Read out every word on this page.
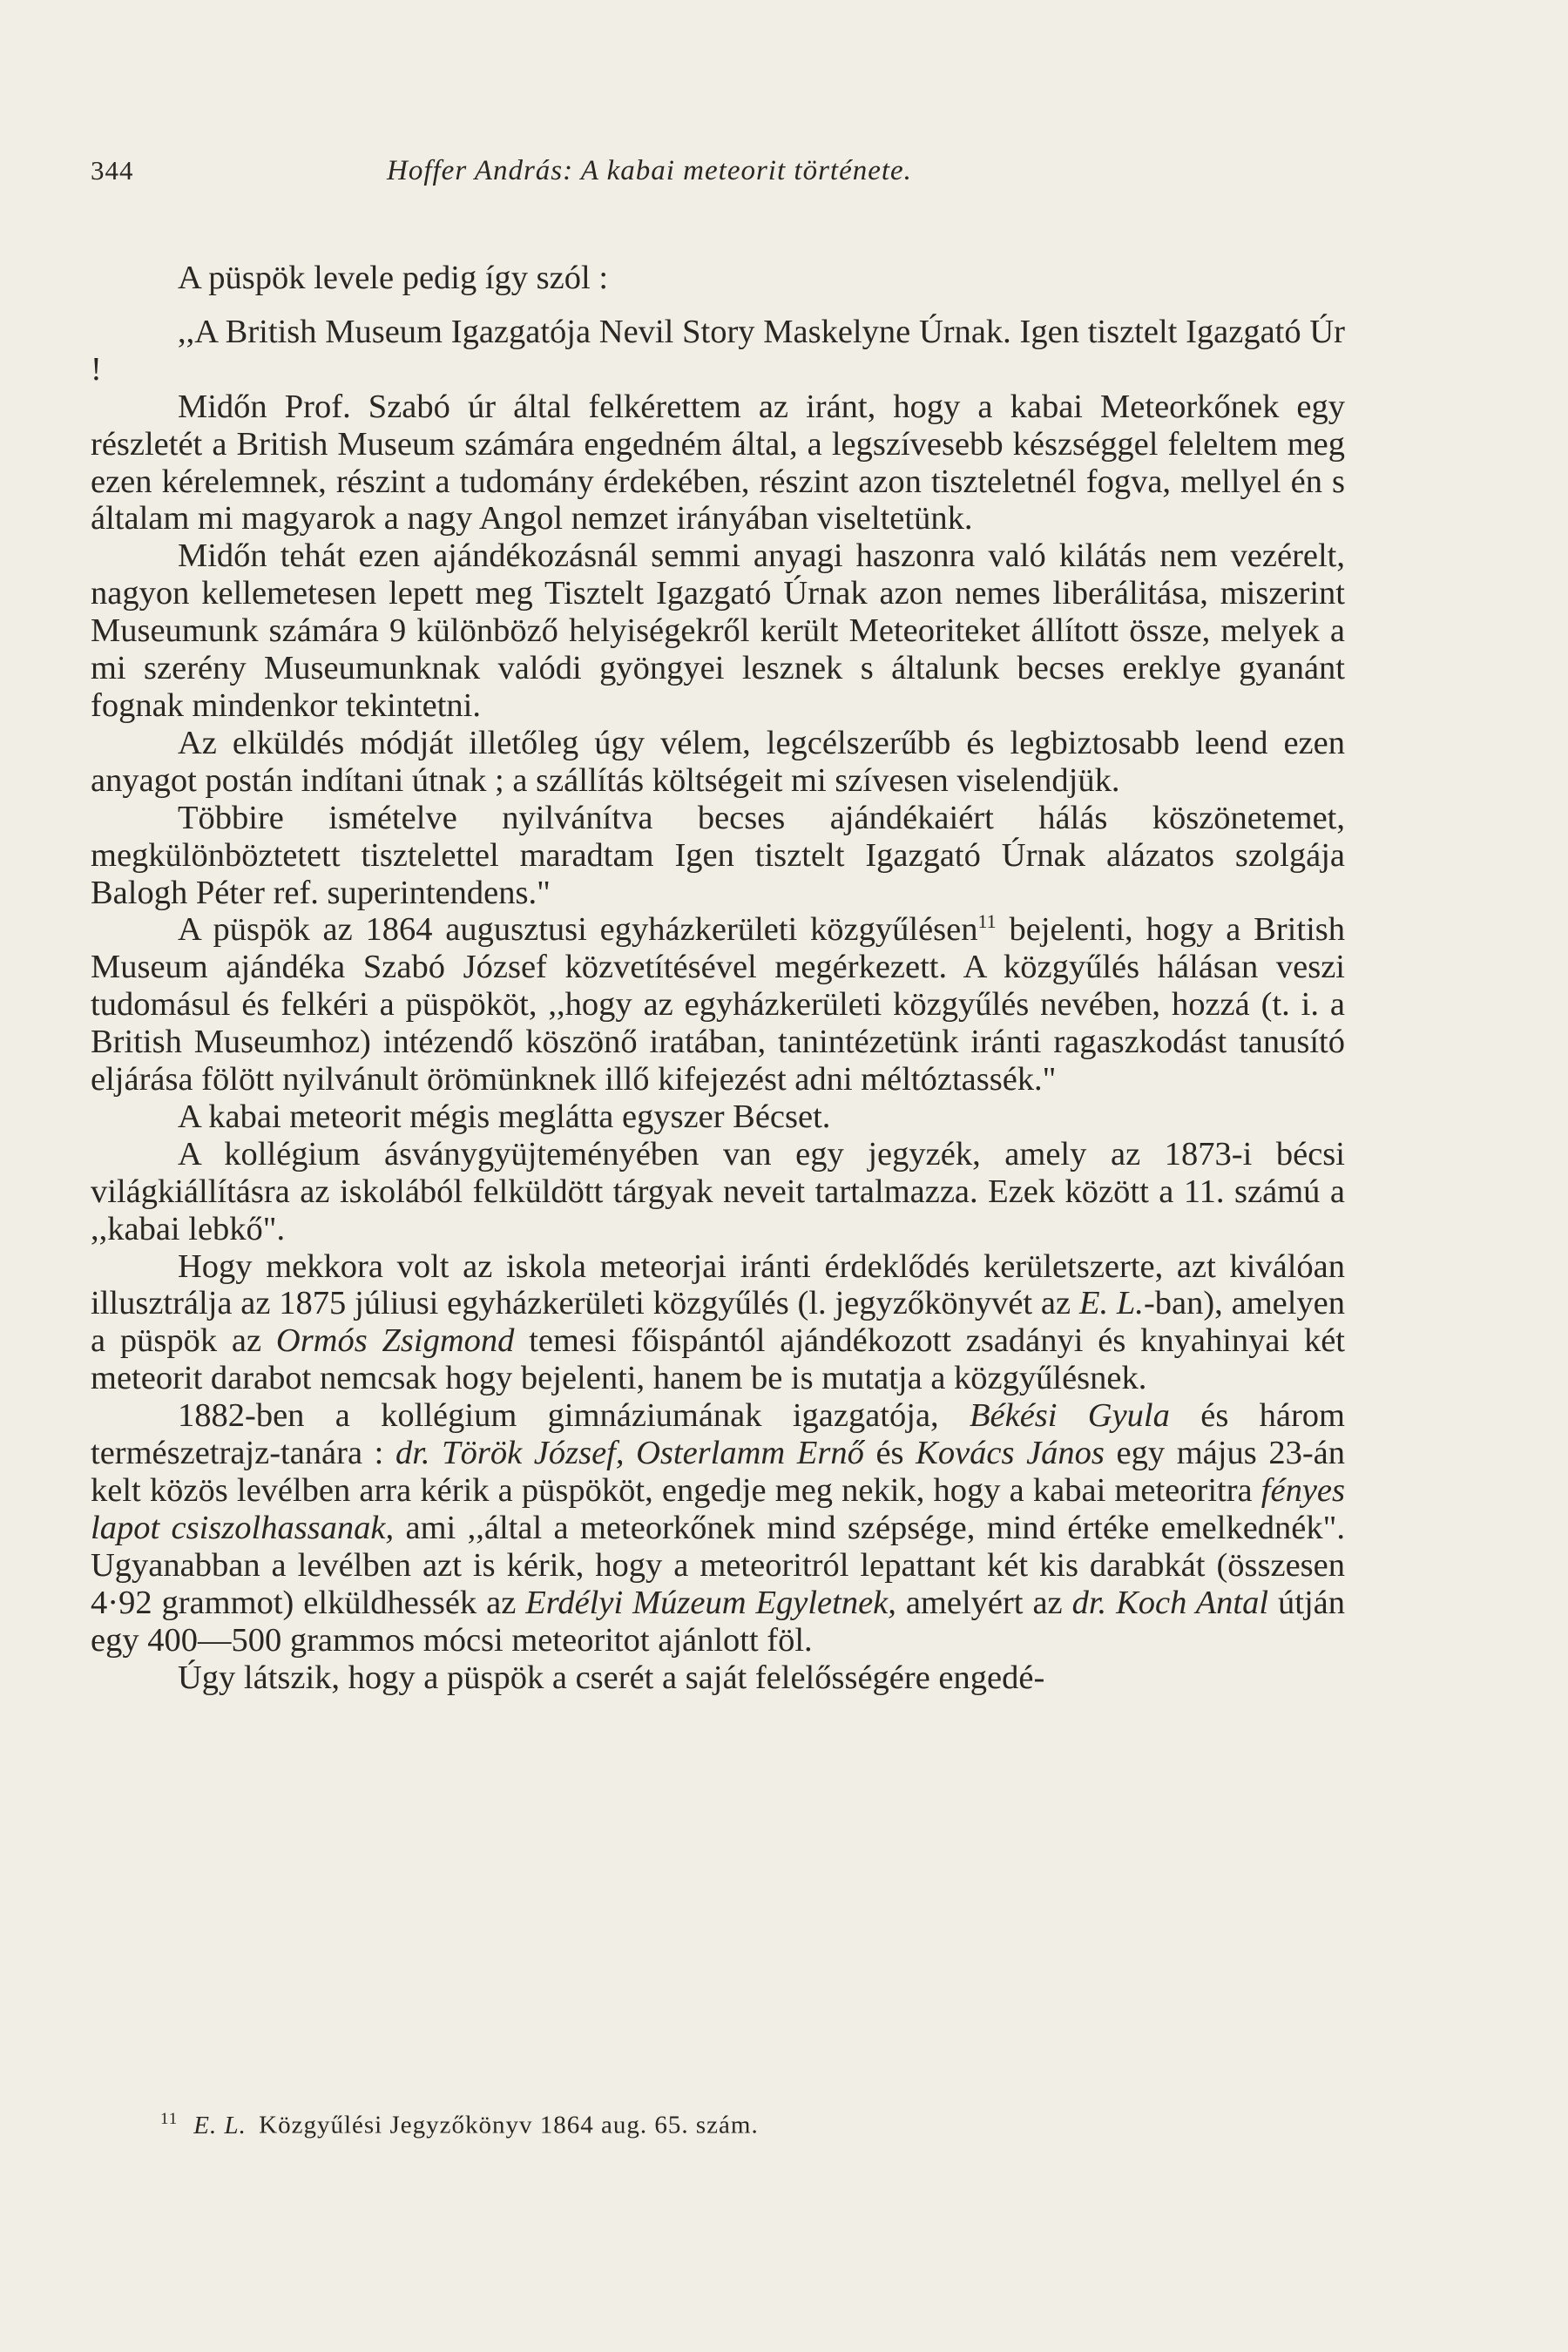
344	Hoffer András: A kabai meteorit története.

A püspök levele pedig így szól :

,,A British Museum Igazgatója Nevil Story Maskelyne Úrnak. Igen tisztelt Igazgató Úr !

Midőn Prof. Szabó úr által felkérettem az iránt, hogy a kabai Meteorkőnek egy részletét a British Museum számára engedném által, a legszívesebb készséggel feleltem meg ezen kérelemnek, részint a tudomány érdekében, részint azon tiszteletnél fogva, mellyel én s általam mi magyarok a nagy Angol nemzet irányában viseltetünk.

Midőn tehát ezen ajándékozásnál semmi anyagi haszonra való kilátás nem vezérelt, nagyon kellemetesen lepett meg Tisztelt Igazgató Úrnak azon nemes liberálitása, miszerint Museumunk számára 9 különböző helyiségekről került Meteoriteket állított össze, melyek a mi szerény Museumunknak valódi gyöngyei lesznek s általunk becses ereklye gyanánt fognak mindenkor tekintetni.

Az elküldés módját illetőleg úgy vélem, legcélszerűbb és legbiztosabb leend ezen anyagot postán indítani útnak ; a szállítás költségeit mi szívesen viselendjük.

Többire ismételve nyilvánítva becses ajándékaiért hálás köszönetemet, megkülönböztetett tisztelettel maradtam Igen tisztelt Igazgató Úrnak alázatos szolgája Balogh Péter ref. superintendens."

A püspök az 1864 augusztusi egyházkerületi közgyűlésen$^{11}$ bejelenti, hogy a British Museum ajándéka Szabó József közvetítésével megérkezett. A közgyűlés hálásan veszi tudomásul és felkéri a püspököt, ,,hogy az egyházkerületi közgyűlés nevében, hozzá (t. i. a British Museumhoz) intézendő köszönő iratában, tanintézetünk iránti ragaszkodást tanusító eljárása fölött nyilvánult örömünknek illő kifejezést adni méltóztassék."

A kabai meteorit mégis meglátta egyszer Bécset.

A kollégium ásványgyüjteményében van egy jegyzék, amely az 1873-i bécsi világkiállításra az iskolából felküldött tárgyak neveit tartalmazza. Ezek között a 11. számú a ,,kabai lebkő".

Hogy mekkora volt az iskola meteorjai iránti érdeklődés kerületszerte, azt kiválóan illusztrálja az 1875 júliusi egyházkerületi közgyűlés (l. jegyzőkönyvét az E. L.-ban), amelyen a püspök az Ormós Zsigmond temesi főispántól ajándékozott zsadányi és knyahinyai két meteorit darabot nemcsak hogy bejelenti, hanem be is mutatja a közgyűlésnek.

1882-ben a kollégium gimnáziumának igazgatója, Békési Gyula és három természetrajz-tanára : dr. Török József, Osterlamm Ernő és Kovács János egy május 23-án kelt közös levélben arra kérik a püspököt, engedje meg nekik, hogy a kabai meteoritra fényes lapot csiszolhassanak, ami ,,által a meteorkőnek mind szépsége, mind értéke emelkednék". Ugyanabban a levélben azt is kérik, hogy a meteoritról lepattant két kis darabkát (összesen 4·92 grammot) elküldhessék az Erdélyi Múzeum Egyletnek, amelyért az dr. Koch Antal útján egy 400—500 grammos mócsi meteoritot ajánlott föl.

Úgy látszik, hogy a püspök a cserét a saját felelősségére engedé-

$^{11}$ E. L. Közgyűlési Jegyzőkönyv 1864 aug. 65. szám.
